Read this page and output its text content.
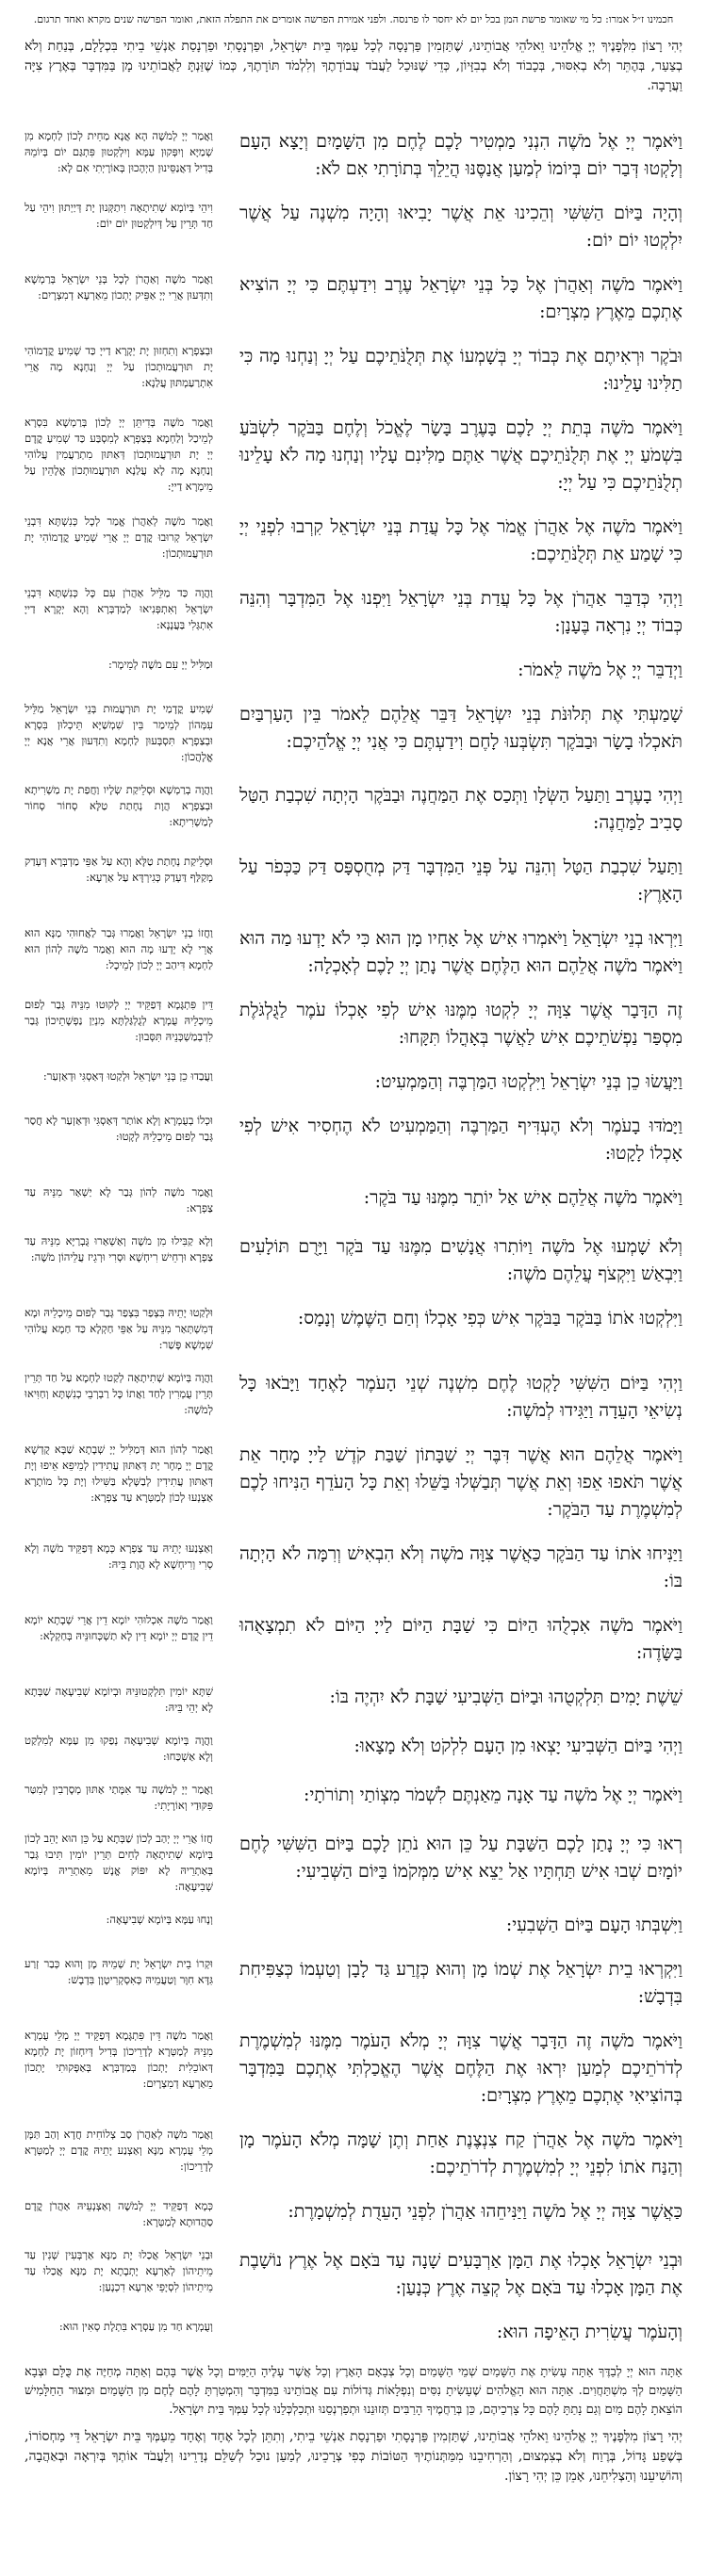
חכמינו ז״ל אמרו: כל מי שאומר פרשת המן בכל יום לא יחסר לו פרנסה. ולפני אמירת הפרשה אומרים את התפלה הזאת, ואומר הפרשה שנים מקרא ואחד תרגום.
יְהִי רָצוֹן מִלְּפָנֶיךָ יְיָ אֱלֹהֵינוּ וֵאלֹהֵי אֲבוֹתֵינוּ, שֶׁתַּזְמִין פַּרְנָסָה לְכָל עַמְּךָ בֵּית יִשְׂרָאֵל, וּפַרְנָסָתִי וּפַרְנָסַת אַנְשֵׁי בֵיתִי בִּכְלָלָם, בְּנַחַת וְלֹא בְצַעַר, בְּהֶתֵּר וְלֹא בְאִסּוּר, בְּכָבוֹד וְלֹא בְבִזָּיוֹן, כְּדֵי שֶׁנּוּכַל לַעֲבֹד עֲבוֹדָתֶךָ וְלִלְמֹד תּוֹרָתֶךָ, כְּמוֹ שֶׁזַּנְתָּ לַאֲבוֹתֵינוּ מָן בַּמִּדְבָּר בְּאֶרֶץ צִיָּה וַעֲרָבָה.
וַיֹּאמֶר יְיָ אֶל מֹשֶׁה הִנְנִי מַמְטִיר לָכֶם לֶחֶם מִן הַשָּׁמָיִם וְיָצָא הָעָם וְלָקְטוּ דְּבַר יוֹם בְּיוֹמוֹ לְמַעַן אֲנַסֶּנּוּ הֲיֵלֵךְ בְּתוֹרָתִי אִם לֹא:
וַאֲמַר יְיָ לְמֹשֶׁה הָא אֲנָא מַחֵית לְכוֹן לַחְמָא מִן שְׁמַיָּא וְיִפְּקוּן עַמָּא וְיִלְקְטוּן פִּתְגַּם יוֹם בְּיוֹמֵהּ בְּדִיל דַּאֲנַסֵּינוּן הַיְהָכוּן בְּאוֹרָיְתִי אִם לָא:
וְהָיָה בַּיּוֹם הַשִּׁשִּׁי וְהֵכִינוּ אֵת אֲשֶׁר יָבִיאוּ וְהָיָה מִשְׁנֶה עַל אֲשֶׁר יִלְקְטוּ יוֹם יוֹם:
וִיהֵי בְּיוֹמָא שְׁתִיתָאָה וִיתַקְּנוּן יָת דְּיַיְתוּן וִיהֵי עַל חַד תְּרֵין עַל דְּיִלְקְטוּן יוֹם יוֹם:
וַיֹּאמֶר מֹשֶׁה וְאַהֲרֹן אֶל כָּל בְּנֵי יִשְׂרָאֵל עֶרֶב וִידַעְתֶּם כִּי יְיָ הוֹצִיא אֶתְכֶם מֵאֶרֶץ מִצְרָיִם:
וַאֲמַר מֹשֶׁה וְאַהֲרֹן לְכָל בְּנֵי יִשְׂרָאֵל בְּרַמְשָׁא וְתִדְּעוּן אֲרֵי יְיָ אַפֵּיק יָתְכוֹן מֵאַרְעָא דְמִצְרָיִם:
וּבֹקֶר וּרְאִיתֶם אֶת כְּבוֹד יְיָ בְּשָׁמְעוֹ אֶת תְּלֻנֹּתֵיכֶם עַל יְיָ וְנַחְנוּ מָה כִּי תַלִּינוּ עָלֵינוּ:
וּבְצַפְרָא וְתִחְזוּן יָת יְקָרָא דַייָ כַּד שְׁמִיעַ קֳדָמוֹהִי יָת תּוּרְעֲמוּתְכוֹן עַל יְיָ וְנַחְנָא מָה אֲרֵי אִתְרַעַמְתּוּן עֲלַנָא:
וַיֹּאמֶר מֹשֶׁה בְּתֵת יְיָ לָכֶם בָּעֶרֶב בָּשָׂר לֶאֱכֹל וְלֶחֶם בַּבֹּקֶר לִשְׂבֹּעַ בִּשְׁמֹעַ יְיָ אֶת תְּלֻנֹּתֵיכֶם אֲשֶׁר אַתֶּם מַלִּינִם עָלָיו וְנַחְנוּ מָה לֹא עָלֵינוּ תְלֻנֹּתֵיכֶם כִּי עַל יְיָ:
וַאֲמַר מֹשֶׁה בְּדִיתֵּן יְיָ לְכוֹן בְּרַמְשָׁא בִּסְרָא לְמֵיכַל וְלַחְמָא בְּצַפְרָא לְמִסְבַּע כַּד שְׁמִיעַ קֳדָם יְיָ יָת תּוּרְעֲמוּתְכוֹן דְּאַתּוּן מִתְרַעֲמִין עֲלוֹהִי וְנַחְנָא מָה לָא עֲלַנָא תּוּרְעֲמוּתְכוֹן אֱלָהֵין עַל מֵימְרָא דַייָ:
וַיֹּאמֶר מֹשֶׁה אֶל אַהֲרֹן אֱמֹר אֶל כָּל עֲדַת בְּנֵי יִשְׂרָאֵל קִרְבוּ לִפְנֵי יְיָ כִּי שָׁמַע אֵת תְּלֻנֹּתֵיכֶם:
וַאֲמַר מֹשֶׁה לְאַהֲרֹן אֱמַר לְכָל כְּנִשְׁתָּא דִּבְנֵי יִשְׂרָאֵל קְרוּבוּ קֳדָם יְיָ אֲרֵי שְׁמִיעַ קֳדָמוֹהִי יָת תּוּרְעֲמוּתְכוֹן:
וַיְהִי כְּדַבֵּר אַהֲרֹן אֶל כָּל עֲדַת בְּנֵי יִשְׂרָאֵל וַיִּפְנוּ אֶל הַמִּדְבָּר וְהִנֵּה כְּבוֹד יְיָ נִרְאָה בֶּעָנָן:
וַהֲוָה כַּד מַלֵּיל אַהֲרֹן עִם כָּל כְּנִשְׁתָּא דִּבְנֵי יִשְׂרָאֵל וְאִתְפְּנִיאוּ לְמַדְבְּרָא וְהָא יְקָרָא דַייָ אִתְגְּלִי בַּעֲנָנָא:
וַיְדַבֵּר יְיָ אֶל מֹשֶׁה לֵּאמֹר:
וּמַלִּיל יְיָ עִם מֹשֶׁה לְמֵימָר:
שָׁמַעְתִּי אֶת תְּלוּנֹּת בְּנֵי יִשְׂרָאֵל דַּבֵּר אֲלֵהֶם לֵאמֹר בֵּין הָעַרְבַּיִם תֹּאכְלוּ בָשָׂר וּבַבֹּקֶר תִּשְׂבְּעוּ לָחֶם וִידַעְתֶּם כִּי אֲנִי יְיָ אֱלֹהֵיכֶם:
שְׁמִיעַ קֳדָמַי יָת תּוּרְעֲמוּת בְּנֵי יִשְׂרָאֵל מַלֵּיל עִמְּהוֹן לְמֵימַר בֵּין שִׁמְשַׁיָּא תֵּיכְלוּן בִּסְרָא וּבְצַפְרָא תִּסְבְּעוּן לַחְמָא וְתִדְּעוּן אֲרֵי אֲנָא יְיָ אֱלָהֲכוֹן:
וַיְהִי בָעֶרֶב וַתַּעַל הַשְּׂלָו וַתְּכַס אֶת הַמַּחֲנֶה וּבַבֹּקֶר הָיְתָה שִׁכְבַת הַטַּל סָבִיב לַמַּחֲנֶה:
וַהֲוָה בְרַמְשָׁא וּסְלֵיקַת שְׂלָיו וַחֲפַת יָת מַשְׁרִיתָא וּבְצַפְרָא הֲוָת נְחָתַת טַלָּא סְחוֹר סְחוֹר לְמַשְׁרִיתָא:
וַתַּעַל שִׁכְבַת הַטָּל וְהִנֵּה עַל פְּנֵי הַמִּדְבָּר דַּק מְחֻסְפָּס דַּק כַּכְּפֹר עַל הָאָרֶץ:
וּסְלֵיקַת נְחָתַת טַלָּא וְהָא עַל אַפֵּי מַדְבְּרָא דְּעְדַק מְקַלַּף דַּעְדַק כְּגִירְדָּא עַל אַרְעָא:
וַיִּרְאוּ בְנֵי יִשְׂרָאֵל וַיֹּאמְרוּ אִישׁ אֶל אָחִיו מָן הוּא כִּי לֹא יָדְעוּ מַה הוּא וַיֹּאמֶר מֹשֶׁה אֲלֵהֶם הוּא הַלֶּחֶם אֲשֶׁר נָתַן יְיָ לָכֶם לְאָכְלָה:
וַחֲזוֹ בְנֵי יִשְׂרָאֵל וַאֲמַרוּ גְּבַר לַאֲחוּהִי מַנָּא הוּא אֲרֵי לָא יָדְעוּ מָה הוּא וַאֲמַר מֹשֶׁה לְהוֹן הוּא לַחְמָא דִּיהַב יְיָ לְכוֹן לְמֵיכָל:
זֶה הַדָּבָר אֲשֶׁר צִוָּה יְיָ לִקְטוּ מִמֶּנּוּ אִישׁ לְפִי אָכְלוֹ עֹמֶר לַגֻּלְגֹּלֶת מִסְפַּר נַפְשֹׁתֵיכֶם אִישׁ לַאֲשֶׁר בְּאָהֳלוֹ תִּקָּחוּ:
דֵּין פִּתְגָּמָא דְּפַקֵּיד יְיָ לְקוּטוּ מִנֵּיהּ גְּבַר לְפוּם מֵיכְלֵיהּ עֻמְרָא לְגֻלְגַּלְתָּא מִנְיַן נַפְשָׁתֵיכוֹן גְּבַר לִדְבְמַשְׁכְּנֵיהּ תִּסְּבוּן:
וַיַּעֲשׂוּ כֵן בְּנֵי יִשְׂרָאֵל וַיִּלְקְטוּ הַמַּרְבֶּה וְהַמַּמְעִיט:
וַעֲבַדוּ כֵן בְּנֵי יִשְׂרָאֵל וּלְקַטוּ דְּאַסְגִּי וּדְאַזְעַר:
וַיָּמֹדּוּ בָעֹמֶר וְלֹא הֶעְדִּיף הַמַּרְבֶּה וְהַמַּמְעִיט לֹא הֶחְסִיר אִישׁ לְפִי אָכְלוֹ לָקָטוּ:
וּכְלוֹ בְעֻמְרָא וְלָא אוֹתַר דְּאַסְגִּי וּדְאַזְעַר לָא חֲסַר גְּבַר לְפוּם מֵיכְלֵיהּ לְקָטוּ:
וַיֹּאמֶר מֹשֶׁה אֲלֵהֶם אִישׁ אַל יוֹתֵר מִמֶּנּוּ עַד בֹּקֶר:
וַאֲמַר מֹשֶׁה לְהוֹן גְּבַר לָא יַשְׁאַר מִנֵּיהּ עַד צַפְרָא:
וְלֹא שָׁמְעוּ אֶל מֹשֶׁה וַיּוֹתִרוּ אֲנָשִׁים מִמֶּנּוּ עַד בֹּקֶר וַיָּרֻם תּוֹלָעִים וַיִּבְאַשׁ וַיִּקְצֹף עֲלֵהֶם מֹשֶׁה:
וְלָא קַבִּילוּ מִן מֹשֶׁה וְאַשְׁאַרוּ גֻּבְרַיָּא מִנֵּיהּ עַד צַפְרָא וּרְחֵישׁ רִיחְשָׁא וּסְרִי וּרְגֵיז עֲלֵיהוֹן מֹשֶׁה:
וַיִּלְקְטוּ אֹתוֹ בַּבֹּקֶר בַּבֹּקֶר אִישׁ כְּפִי אָכְלוֹ וְחַם הַשֶּׁמֶשׁ וְנָמָס:
וּלְקַטוּ יָתֵיהּ בִּצְפַר בִּצְפַר גְּבַר לְפוּם מֵיכְלֵיהּ וּמָא דְּמִשְׁתְּאַר מִנֵּיהּ עַל אַפֵּי חַקְלָא כַּד חַמָא עֲלוֹהִי שִׁמְשָׁא פָּשַׁר:
וַיְהִי בַּיּוֹם הַשִּׁשִּׁי לָקְטוּ לֶחֶם מִשְׁנֶה שְׁנֵי הָעֹמֶר לָאֶחָד וַיָּבֹאוּ כָּל נְשִׂיאֵי הָעֵדָה וַיַּגִּידוּ לְמֹשֶׁה:
וַהֲוָה בְּיוֹמָא שְׁתִיתָאָה לְקַטוּ לַחְמָא עַל חַד תְּרֵין תְּרֵין עֻמְרִין לְחַד וַאֲתוֹ כָּל רַבְרְבֵי כְנִשְׁתָּא וְחַוִּיאוּ לְמֹשֶׁה:
וַיֹּאמֶר אֲלֵהֶם הוּא אֲשֶׁר דִּבֶּר יְיָ שַׁבָּתוֹן שַׁבַּת קֹדֶשׁ לַייָ מָחָר אֵת אֲשֶׁר תֹּאפוּ אֵפוּ וְאֵת אֲשֶׁר תְּבַשְּׁלוּ בַּשֵּׁלוּ וְאֵת כָּל הָעֹדֵף הַנִּיחוּ לָכֶם לְמִשְׁמֶרֶת עַד הַבֹּקֶר:
וַאֲמַר לְהוֹן הוּא דְּמַלִּיל יְיָ שְׁבָתָא שַׁבָּא קֻדְשָׁא קֳדָם יְיָ מְחָר יָת דְּאַתּוּן עֲתִידִין לְמֵיפֵא אֵיפוּ וְיָת דְּאַתּוּן עֲתִידִין לְבַשָּׁלָא בַּשִּׁילוּ וְיָת כָּל מוֹתָרָא אַצְנְעוּ לְכוֹן לְמַטְּרָא עַד צַפְרָא:
וַיַּנִּיחוּ אֹתוֹ עַד הַבֹּקֶר כַּאֲשֶׁר צִוָּה מֹשֶׁה וְלֹא הִבְאִישׁ וְרִמָּה לֹא הָיְתָה בּוֹ:
וְאַצְנַעוּ יָתֵיהּ עַד צַפְרָא כְּמָא דְּפַקֵּיד מֹשֶׁה וְלָא סְרִי וְרִיחְשָׁא לָא הֲוָת בֵּיהּ:
וַיֹּאמֶר מֹשֶׁה אִכְלֻהוּ הַיּוֹם כִּי שַׁבָּת הַיּוֹם לַייָ הַיּוֹם לֹא תִמְצָאֻהוּ בַּשָּׂדֶה:
וַאֲמַר מֹשֶׁה אִכְלוּהִי יוֹמָא דֵין אֲרֵי שְׁבָתָא יוֹמָא דֵין קֳדָם יְיָ יוֹמָא דֵין לָא תַשְׁכְּחוּנֵּיהּ בְּחַקְלָא:
שֵׁשֶׁת יָמִים תִּלְקְטֻהוּ וּבַיּוֹם הַשְּׁבִיעִי שַׁבָּת לֹא יִהְיֶה בּוֹ:
שִׁתָּא יוֹמִין תִּלְקְטוּנֵּיהּ וּבְיוֹמָא שְׁבִיעָאָה שַׁבְּתָא לָא יְהֵי בֵּיהּ:
וַיְהִי בַּיּוֹם הַשְּׁבִיעִי יָצְאוּ מִן הָעָם לִלְקֹט וְלֹא מָצָאוּ:
וַהֲוָה בְּיוֹמָא שְׁבִיעָאָה נְפַקוּ מִן עַמָּא לְמִלְקַט וְלָא אַשְׁכַּחוּ:
וַיֹּאמֶר יְיָ אֶל מֹשֶׁה עַד אָנָה מֵאַנְתֶּם לִשְׁמֹר מִצְוֹתַי וְתוֹרֹתָי:
וַאֲמַר יְיָ לְמֹשֶׁה עַד אִמָּתַי אַתּוּן מְסָרְבִין לְמִטַּר פִּקּוּדַי וְאוֹרָיָתִי:
רְאוּ כִּי יְיָ נָתַן לָכֶם הַשַּׁבָּת עַל כֵּן הוּא נֹתֵן לָכֶם בַּיּוֹם הַשִּׁשִּׁי לֶחֶם יוֹמָיִם שְׁבוּ אִישׁ תַּחְתָּיו אַל יֵצֵא אִישׁ מִמְּקֹמוֹ בַּיּוֹם הַשְּׁבִיעִי:
חֲזוֹ אֲרֵי יְיָ יְהַב לְכוֹן שַׁבְּתָא עַל כֵּן הוּא יָהֵב לְכוֹן בְּיוֹמָא שְׁתִיתָאָה לְחֵים תְּרֵין יוֹמִין תִּיבוּ גְּבַר בְּאַתְרֵיהּ לָא יִפּוֹק אֱנָשׁ מֵאַתְרֵיהּ בְּיוֹמָא שְׁבִיעָאָה:
וַיִּשְׁבְּתוּ הָעָם בַּיּוֹם הַשְּׁבִעִי:
וְנָחוּ עַמָּא בְּיוֹמָא שְׁבִיעָאָה:
וַיִּקְרְאוּ בֵית יִשְׂרָאֵל אֶת שְׁמוֹ מָן וְהוּא כְּזֶרַע גַּד לָבָן וְטַעְמוֹ כְּצַפִּיחִת בִּדְבָשׁ:
וּקְרוֹ בֵית יִשְׂרָאֵל יָת שְׁמֵיהּ מָן וְהוּא כְּבַר זְרַע גִּדָּא חִוָּר וְטַעֲמֵיהּ כְּאִסְקְרִיטָוָן בִּדְבָשׁ:
וַיֹּאמֶר מֹשֶׁה זֶה הַדָּבָר אֲשֶׁר צִוָּה יְיָ מְלֹא הָעֹמֶר מִמֶּנּוּ לְמִשְׁמֶרֶת לְדֹרֹתֵיכֶם לְמַעַן יִרְאוּ אֶת הַלֶּחֶם אֲשֶׁר הֶאֱכַלְתִּי אֶתְכֶם בַּמִּדְבָּר בְּהוֹצִיאִי אֶתְכֶם מֵאֶרֶץ מִצְרָיִם:
וַאֲמַר מֹשֶׁה דֵּין פִּתְגָּמָא דְּפַקֵּיד יְיָ מְלֵי עֻמְרָא מִנֵּיהּ לְמַטְּרָא לְדָרֵיכוֹן בְּדִיל דְּיִחְזוֹן יָת לַחְמָא דְּאוֹכֵלִית יָתְכוֹן בְּמַדְבְּרָא בְּאַפָּקוּתִי יָתְכוֹן מֵאַרְעָא דְמִצְרָיִם:
וַיֹּאמֶר מֹשֶׁה אֶל אַהֲרֹן קַח צִנְצֶנֶת אַחַת וְתֶן שָׁמָּה מְלֹא הָעֹמֶר מָן וְהַנַּח אֹתוֹ לִפְנֵי יְיָ לְמִשְׁמֶרֶת לְדֹרֹתֵיכֶם:
וַאֲמַר מֹשֶׁה לְאַהֲרֹן סַב צְלוֹחִית חֲדָא וְהַב תַּמָּן מְלֵי עֻמְרָא מַנָּא וְאַצְנַע יָתֵיהּ קֳדָם יְיָ לְמַטְּרָא לְדָרֵיכוֹן:
כַּאֲשֶׁר צִוָּה יְיָ אֶל מֹשֶׁה וַיַּנִּיחֵהוּ אַהֲרֹן לִפְנֵי הָעֵדֻת לְמִשְׁמָרֶת:
כְּמָא דְּפַקֵּיד יְיָ לְמֹשֶׁה וְאַצְנְעֵיהּ אַהֲרֹן קֳדָם סַהֲדוּתָא לְמַטְּרָא:
וּבְנֵי יִשְׂרָאֵל אָכְלוּ אֶת הַמָּן אַרְבָּעִים שָׁנָה עַד בֹּאָם אֶל אֶרֶץ נוֹשָׁבֶת אֶת הַמָּן אָכְלוּ עַד בֹּאָם אֶל קְצֵה אֶרֶץ כְּנָעַן:
וּבְנֵי יִשְׂרָאֵל אֲכַלוּ יָת מַנָּא אַרְבְּעִין שְׁנִין עַד מֵיתֵיהוֹן לְאַרְעָא יָתְבָתָא יָת מַנָּא אֲכַלוּ עַד מֵיתֵיהוֹן לִסְיָפֵי אַרְעָא דִכְנָעַן:
וְהָעֹמֶר עֲשִׂרִית הָאֵיפָה הוּא:
וְעֻמְרָא חַד מִן עַסְרָא בִּתְלָת סְאִין הוּא:
אַתָּה הוּא יְיָ לְבַדֶּךָ אַתָּה עָשִׂיתָ אֶת הַשָּׁמַיִם שְׁמֵי הַשָּׁמַיִם וְכָל צְבָאָם הָאָרֶץ וְכָל אֲשֶׁר עָלֶיהָ הַיַּמִּים וְכָל אֲשֶׁר בָּהֶם וְאַתָּה מְחַיֶּה אֶת כֻּלָּם וּצְבָא הַשָּׁמַיִם לְךָ מִשְׁתַּחֲוִים. אַתָּה הוּא הָאֱלֹהִים שֶׁעָשִׂיתָ נִסִּים וְנִפְלָאוֹת גְּדוֹלוֹת עִם אֲבוֹתֵינוּ בַּמִּדְבָּר וְהִמְטַרְתָּ לָהֶם לֶחֶם מִן הַשָּׁמַיִם וּמִצּוּר הַחַלָּמִישׁ הוֹצֵאתָ לָהֶם מַיִם וְגַם נָתַתָּ לָהֶם כָּל צָרְכֵיהֶם, כֵּן בְּרַחֲמֶיךָ הָרַבִּים תְּזוּנֵנוּ וּתְפַרְנְסֵנוּ וּתְכַלְכְּלֵנוּ לְכָל עַמְּךָ בֵּית יִשְׂרָאֵל.
יְהִי רָצוֹן מִלְּפָנֶיךָ יְיָ אֱלֹהֵינוּ וֵאלֹהֵי אֲבוֹתֵינוּ, שֶׁתַּזְמִין פַּרְנָסָתִי וּפַרְנָסַת אַנְשֵׁי בֵיתִי, וְתִתֵּן לְכָל אֶחָד וְאֶחָד מֵעַמְּךָ בֵּית יִשְׂרָאֵל דֵּי מַחְסוֹרוֹ, בְּשֶׁפַע גָּדוֹל, בְּרֶוַח וְלֹא בְצִמְצוּם, וְהַרְחִיבֵנוּ מִמַּתְּנוֹתֶיךָ הַטּוֹבוֹת כְּפִי צְרָכֵינוּ, לְמַעַן נוּכַל לְשַׁלֵּם נְדָרֵינוּ וְלַעֲבֹד אוֹתְךָ בְּיִרְאָה וּבְאַהֲבָה, וְהוֹשִׁיעֵנוּ וְהַצְלִיחֵנוּ, אָמֵן כֵּן יְהִי רָצוֹן.
